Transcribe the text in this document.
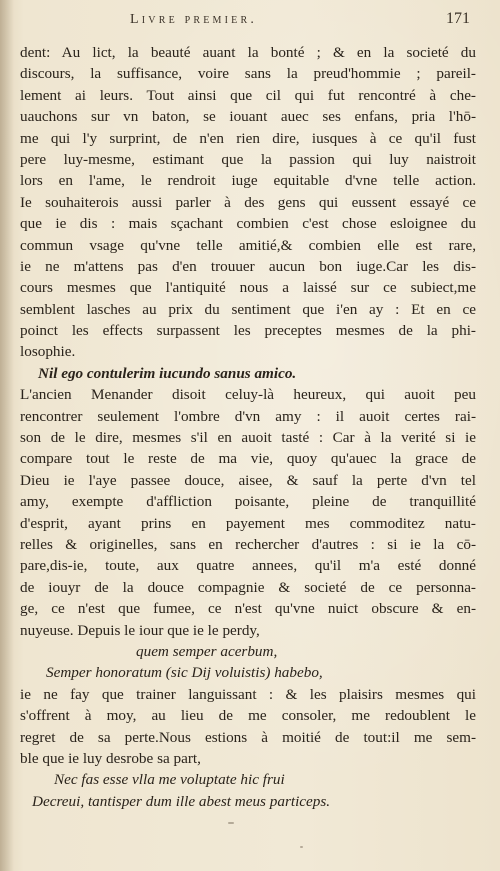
Livre premier.	171
dent: Au lict, la beauté auant la bonté ; & en la societé du
discours, la suffisance, voire sans la preud'hommie ; pareil-
lement ai leurs. Tout ainsi que cil qui fut rencontré à che-
uauchons sur vn baton, se iouant auec ses enfans, pria l'hō-
me qui l'y surprint, de n'en rien dire, iusques à ce qu'il fust
pere luy-mesme, estimant que la passion qui luy naistroit
lors en l'ame, le rendroit iuge equitable d'vne telle action.
Ie souhaiterois aussi parler à des gens qui eussent essayé ce
que ie dis : mais sçachant combien c'est chose esloignee du
commun vsage qu'vne telle amitié,& combien elle est rare,
ie ne m'attens pas d'en trouuer aucun bon iuge.Car les dis-
cours mesmes que l'antiquité nous a laissé sur ce subiect,me
semblent lasches au prix du sentiment que i'en ay : Et en ce
poinct les effects surpassent les preceptes mesmes de la phi-
losophie.
Nil ego contulerim iucundo sanus amico.
L'ancien Menander disoit celuy-là heureux, qui auoit peu
rencontrer seulement l'ombre d'vn amy : il auoit certes rai-
son de le dire, mesmes s'il en auoit tasté : Car à la verité si ie
compare tout le reste de ma vie, quoy qu'auec la grace de
Dieu ie l'aye passee douce, aisee, & sauf la perte d'vn tel
amy, exempte d'affliction poisante, pleine de tranquillité
d'esprit, ayant prins en payement mes commoditez natu-
relles & originelles, sans en rechercher d'autres : si ie la cō-
pare,dis-ie, toute, aux quatre annees, qu'il m'a esté donné
de iouyr de la douce compagnie & societé de ce personna-
ge, ce n'est que fumee, ce n'est qu'vne nuict obscure & en-
nuyeuse. Depuis le iour que ie le perdy,
quem semper acerbum,
Semper honoratum (sic Dij voluistis) habebo,
ie ne fay que trainer languissant : & les plaisirs mesmes qui
s'offrent à moy, au lieu de me consoler, me redoublent le
regret de sa perte.Nous estions à moitié de tout:il me sem-
ble que ie luy desrobe sa part,
Nec fas esse vlla me voluptate hic frui
Decreui, tantisper dum ille abest meus particeps.
